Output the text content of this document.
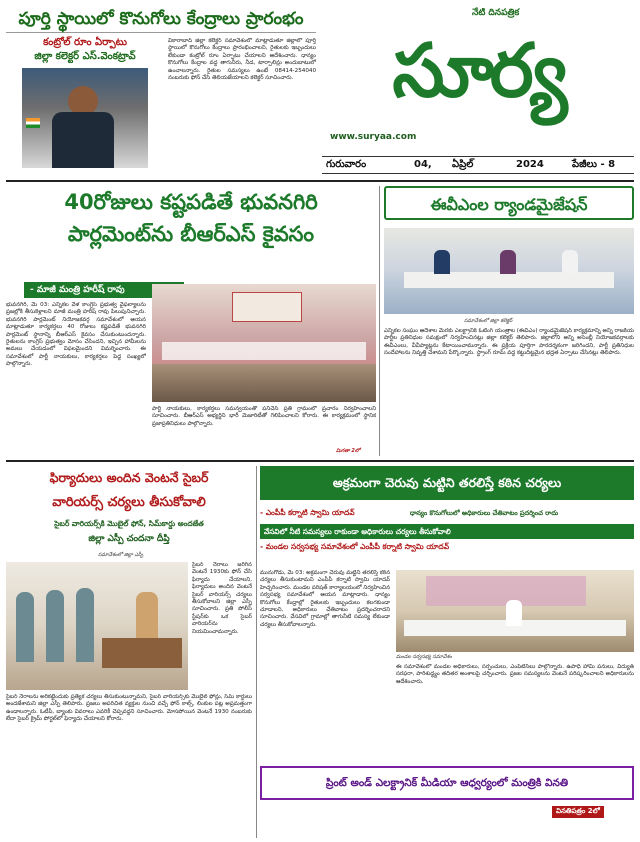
పూర్తి స్థాయిలో కొనుగోలు కేంద్రాలు ప్రారంభం
కంట్రోల్ రూం ఏర్పాటు
జిల్లా కలెక్టర్ ఎస్.వెంకట్రావ్
వికారాబాద్ జిల్లా కలెక్టర్ సమావేశంలో మాట్లాడుతూ జిల్లాలో పూర్తి స్థాయిలో కొనుగోలు కేంద్రాలు ప్రారంభించాలని, రైతులకు ఇబ్బందులు లేకుండా కంట్రోల్ రూం ఏర్పాటు చేయాలని ఆదేశించారు. ధాన్యం కొనుగోలు కేంద్రాల వద్ద తాగునీరు, నీడ, టార్పాలిన్లు అందుబాటులో ఉంచాలన్నారు. రైతుల సమస్యలు ఉంటే 08414-254040 నంబరుకు ఫోన్ చేసి తెలియజేయాలని కలెక్టర్ సూచించారు.
నేటి దినపత్రిక
సూర్య
www.suryaa.com
గురువారం	04, ఏప్రిల్	2024	పేజీలు - 8
40రోజులు కష్టపడితే భువనగిరి
పార్లమెంట్‌ను బీఆర్ఎస్ కైవసం
- మాజీ మంత్రి హరీష్ రావు
భువనగిరి, మే 03: ఎన్నికల వేళ కాంగ్రెస్ ప్రభుత్వ వైఫల్యాలను ప్రజల్లోకి తీసుకెళ్లాలని మాజీ మంత్రి హరీష్ రావు పిలుపునిచ్చారు. భువనగిరి పార్లమెంట్ నియోజకవర్గ సమావేశంలో ఆయన మాట్లాడుతూ కార్యకర్తలు 40 రోజులు కష్టపడితే భువనగిరి పార్లమెంట్ స్థానాన్ని బీఆర్ఎస్ కైవసం చేసుకుంటుందన్నారు. రైతులను కాంగ్రెస్ ప్రభుత్వం మోసం చేసిందని, ఇచ్చిన హామీలను అమలు చేయడంలో విఫలమైందని విమర్శించారు. ఈ సమావేశంలో పార్టీ నాయకులు, కార్యకర్తలు పెద్ద సంఖ్యలో పాల్గొన్నారు.
పార్టీ నాయకులు, కార్యకర్తలు సమన్వయంతో పనిచేసి ప్రతి గ్రామంలో ప్రచారం నిర్వహించాలని సూచించారు. బీఆర్ఎస్ అభ్యర్థిని భారీ మెజారిటీతో గెలిపించాలని కోరారు. ఈ కార్యక్రమంలో స్థానిక ప్రజాప్రతినిధులు పాల్గొన్నారు.
మిగతా 2లో
ఈవీఎంల ర్యాండమైజేషన్
సమావేశంలో జిల్లా కలెక్టర్
ఎన్నికల సంఘం ఆదేశాల మేరకు ఎలక్ట్రానిక్ ఓటింగ్ యంత్రాల (ఈవీఎం) ర్యాండమైజేషన్ కార్యక్రమాన్ని అన్ని రాజకీయ పార్టీల ప్రతినిధుల సమక్షంలో నిర్వహించినట్లు జిల్లా కలెక్టర్ తెలిపారు. జిల్లాలోని అన్ని అసెంబ్లీ నియోజకవర్గాలకు ఈవీఎంలు, వీవీప్యాట్లను కేటాయించామన్నారు. ఈ ప్రక్రియ పూర్తిగా పారదర్శకంగా జరిగిందని, పార్టీ ప్రతినిధుల సందేహాలను నివృత్తి చేశామని పేర్కొన్నారు. స్ట్రాంగ్ రూమ్ వద్ద కట్టుదిట్టమైన భద్రత ఏర్పాటు చేసినట్లు తెలిపారు.
ఫిర్యాదులు అందిన వెంటనే సైబర్
వారియర్స్ చర్యలు తీసుకోవాలి
సైబర్ వారియర్స్‌కి మొబైల్ ఫోన్, సిమ్‌కార్డు అందజేత
జిల్లా ఎస్పీ చందనా దీప్తి
సమావేశంలో జిల్లా ఎస్పీ
సైబర్ నేరాలు జరిగిన వెంటనే 1930కు ఫోన్ చేసి ఫిర్యాదు చేయాలని, ఫిర్యాదులు అందిన వెంటనే సైబర్ వారియర్స్ చర్యలు తీసుకోవాలని జిల్లా ఎస్పీ సూచించారు. ప్రతి పోలీస్ స్టేషన్‌కు ఒక సైబర్ వారియర్‌ను నియమించామన్నారు.
సైబర్ నేరాలను అరికట్టేందుకు ప్రత్యేక చర్యలు తీసుకుంటున్నామని, సైబర్ వారియర్స్‌కు మొబైల్ ఫోన్లు, సిమ్ కార్డులు అందజేశామని జిల్లా ఎస్పీ తెలిపారు. ప్రజలు అపరిచిత వ్యక్తుల నుంచి వచ్చే ఫోన్ కాల్స్, లింకుల పట్ల అప్రమత్తంగా ఉండాలన్నారు. ఓటీపీ, బ్యాంకు వివరాలు ఎవరికీ చెప్పవద్దని సూచించారు. మోసపోయిన వెంటనే 1930 నంబరుకు లేదా సైబర్ క్రైమ్ పోర్టల్‌లో ఫిర్యాదు చేయాలని కోరారు.
అక్రమంగా చెరువు మట్టిని తరలిస్తే కఠిన చర్యలు
- ఎంపీపీ కర్నాటి స్వామి యాదవ్	ధాన్యం కొనుగోలులో అధికారులు చేతివాటం ప్రదర్శించ రాదు
వేసవిలో నీటి సమస్యలు రాకుండా అధికారులు చర్యలు తీసుకోవాలి
- మండల సర్వసభ్య సమావేశంలో ఎంపీపీ కర్నాటి స్వామి యాదవ్
మునుగోడు, మే 03: అక్రమంగా చెరువు మట్టిని తరలిస్తే కఠిన చర్యలు తీసుకుంటామని ఎంపీపీ కర్నాటి స్వామి యాదవ్ హెచ్చరించారు. మండల పరిషత్ కార్యాలయంలో నిర్వహించిన సర్వసభ్య సమావేశంలో ఆయన మాట్లాడారు. ధాన్యం కొనుగోలు కేంద్రాల్లో రైతులకు ఇబ్బందులు కలగకుండా చూడాలని, అధికారులు చేతివాటం ప్రదర్శించరాదని సూచించారు. వేసవిలో గ్రామాల్లో తాగునీటి సమస్య లేకుండా చర్యలు తీసుకోవాలన్నారు.
మండల సర్వసభ్య సమావేశం
ఈ సమావేశంలో మండల అధికారులు, సర్పంచులు, ఎంపీటీసీలు పాల్గొన్నారు. ఉపాధి హామీ పనులు, విద్యుత్ సరఫరా, పారిశుద్ధ్యం తదితర అంశాలపై చర్చించారు. ప్రజల సమస్యలను వెంటనే పరిష్కరించాలని అధికారులను ఆదేశించారు.
ప్రింట్ అండ్ ఎలక్ట్రానిక్ మీడియా ఆధ్వర్యంలో మంత్రికి వినతి
వినతిపత్రం 2లో
